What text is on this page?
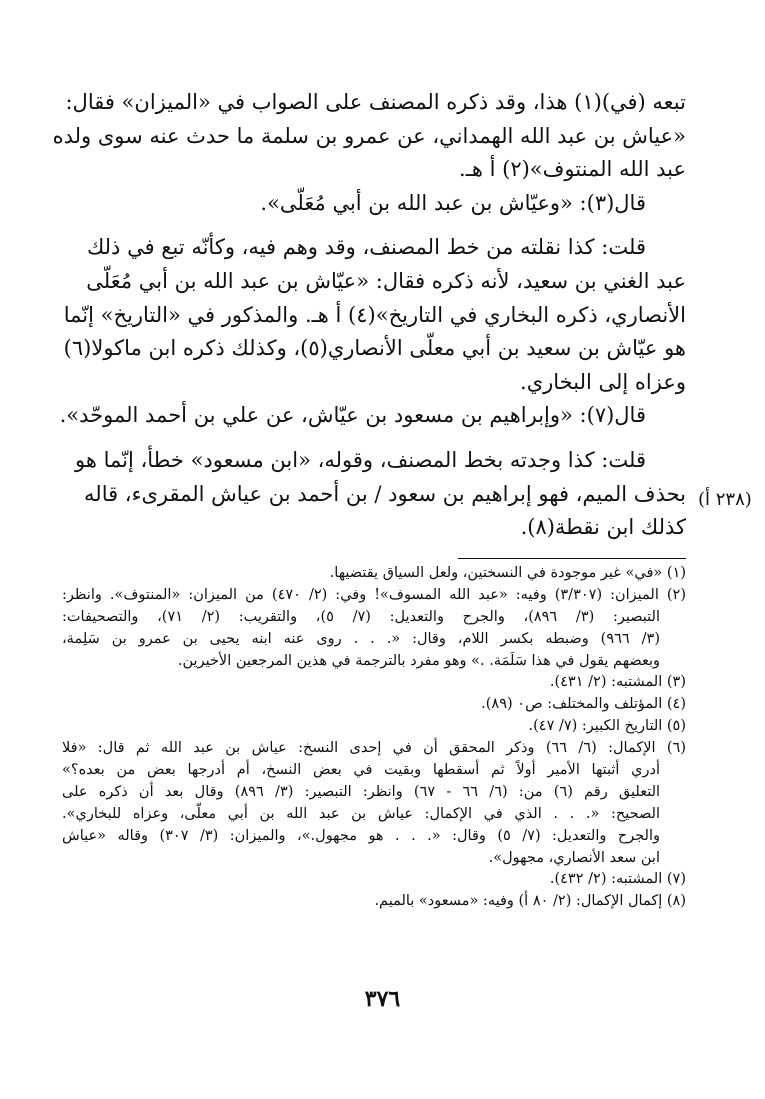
تبعه (في)(١) هذا، وقد ذكره المصنف على الصواب في «الميزان» فقال:
«عياش بن عبد الله الهمداني، عن عمرو بن سلمة ما حدث عنه سوى ولده
عبد الله المنتوف»(٢) أ هـ.
قال(٣): «وعيّاش بن عبد الله بن أبي مُعَلّى».
قلت: كذا نقلته من خط المصنف، وقد وهم فيه، وكأنّه تبع في ذلك
عبد الغني بن سعيد، لأنه ذكره فقال: «عيّاش بن عبد الله بن أبي مُعَلّى
الأنصاري، ذكره البخاري في التاريخ»(٤) أ هـ. والمذكور في «التاريخ» إنّما
هو عيّاش بن سعيد بن أبي معلّى الأنصاري(٥)، وكذلك ذكره ابن ماكولا(٦)
وعزاه إلى البخاري.
قال(٧): «وإبراهيم بن مسعود بن عيّاش، عن علي بن أحمد الموحّد».
قلت: كذا وجدته بخط المصنف، وقوله، «ابن مسعود» خطأ، إنّما هو
بحذف الميم، فهو إبراهيم بن سعود / بن أحمد بن عياش المقرىء، قاله
كذلك ابن نقطة(٨).
(٢٣٨ أ)
(١) «في» غير موجودة في النسختين، ولعل السياق يقتضيها.
(٢) الميزان: (٣/٣٠٧) وفيه: «عبد الله المسوف»! وفي: (٢/ ٤٧٠) من الميزان: «المنتوف». وانظر:
التبصير: (٣/ ٨٩٦)، والجرح والتعديل: (٧/ ٥)، والتقريب: (٢/ ٧١)، والتصحيفات:
(٣/ ٩٦٦) وضبطه بكسر اللام، وقال: «. . . روى عنه ابنه يحيى بن عمرو بن سَلِمة،
وبعضهم يقول في هذا سَلَمَة. .» وهو مفرد بالترجمة في هذين المرجعين الأخيرين.
(٣) المشتبه: (٢/ ٤٣١).
(٤) المؤتلف والمختلف: ص٠ (٨٩).
(٥) التاريخ الكبير: (٧/ ٤٧).
(٦) الإكمال: (٦/ ٦٦) وذكر المحقق أن في إحدى النسخ: عياش بن عبد الله ثم قال: «فلا
أدري أثبتها الأمير أولاً ثم أسقطها وبقيت في بعض النسخ، أم أدرجها بعض من بعده؟»
التعليق رقم (٦) من: (٦/ ٦٦ - ٦٧) وانظر: التبصير: (٣/ ٨٩٦) وقال بعد أن ذكره على
الصحيح: «. . . الذي في الإكمال: عياش بن عبد الله بن أبي معلّى، وعزاه للبخاري».
والجرح والتعديل: (٧/ ٥) وقال: «. . . هو مجهول.»، والميزان: (٣/ ٣٠٧) وقاله «عياش
ابن سعد الأنصاري، مجهول».
(٧) المشتبه: (٢/ ٤٣٢).
(٨) إكمال الإكمال: (٢/ ٨٠ أ) وفيه: «مسعود» بالميم.
٣٧٦
